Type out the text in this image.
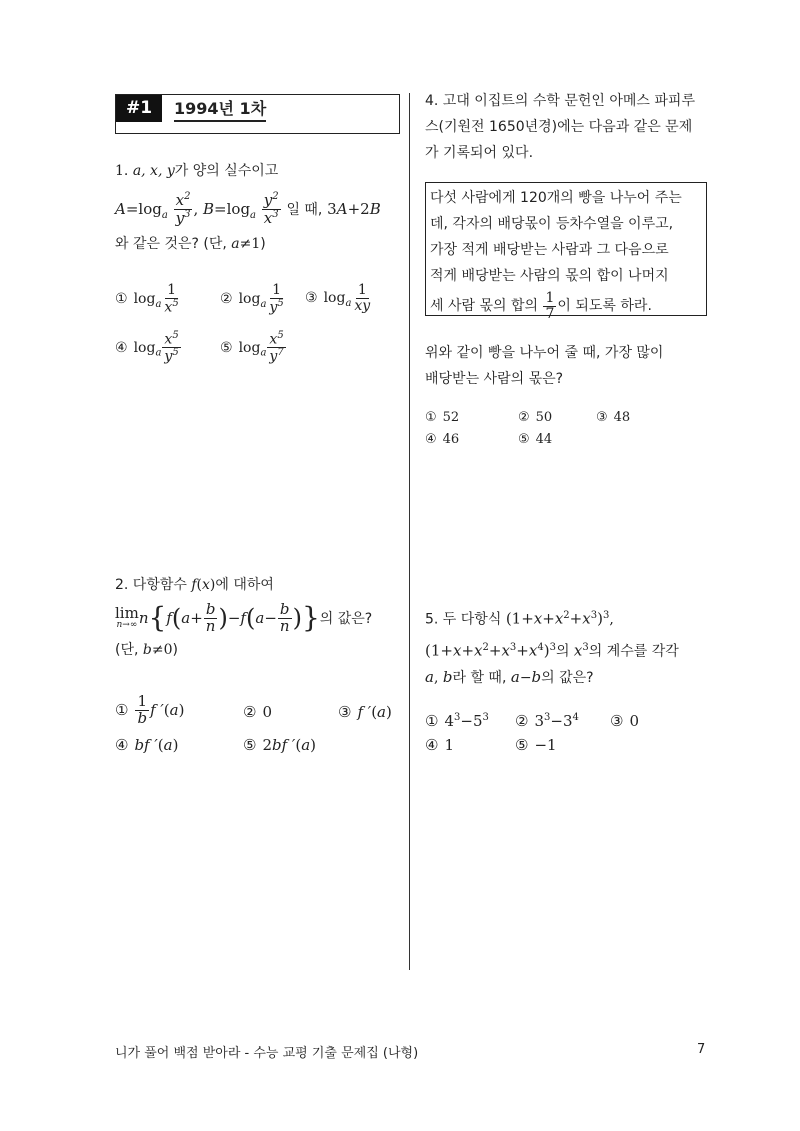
#1	1994년 1차
1. a, x, y가 양의 실수이고
$A=\log_a \frac{x^2}{y^3}$ , $B=\log_a \frac{y^2}{x^3}$ 일 때, 3A+2B
와 같은 것은? (단, a≠1)
① $\log_a \frac{1}{x^5}$	② $\log_a \frac{1}{y^5}$ ③ $\log_a \frac{1}{xy}$
④ $\log_a \frac{x^5}{y^5}$	⑤ $\log_a \frac{x^5}{y^7}$
2. 다항함수 f(x)에 대하여
lim
n→∞ n { f ( $a + \frac{b}{n}$ ) − f ( $a - \frac{b}{n}$ ) } 의 값은?
(단, b≠0)
① $\frac{1}{b}$ f ′(a)	② 0	③ f ′(a)
④ bf ′(a)	⑤ 2bf ′(a)
4. 고대 이집트의 수학 문헌인 아메스 파피루
스(기원전 1650년경)에는 다음과 같은 문제
가 기록되어 있다.
다섯 사람에게 120개의 빵을 나누어 주는
데, 각자의 배당몫이 등차수열을 이루고,
가장 적게 배당받는 사람과 그 다음으로
적게 배당받는 사람의 몫의 합이 나머지
세 사람 몫의 합의 $\frac{1}{7}$ 이 되도록 하라.
위와 같이 빵을 나누어 줄 때, 가장 많이
배당받는 사람의 몫은?
① 52	② 50	③ 48
④ 46	⑤ 44
5. 두 다항식 $(1+x+x^2+x^3)^3$,
$(1+x+x^2+x^3+x^4)^3$의 $x^3$의 계수를 각각
a, b라 할 때, a−b의 값은?
① $4^3-5^3$ ② $3^3-3^4$ ③ 0
④ 1	⑤ −1
니가 풀어 백점 받아라 - 수능 교평 기출 문제집 (나형)	7
